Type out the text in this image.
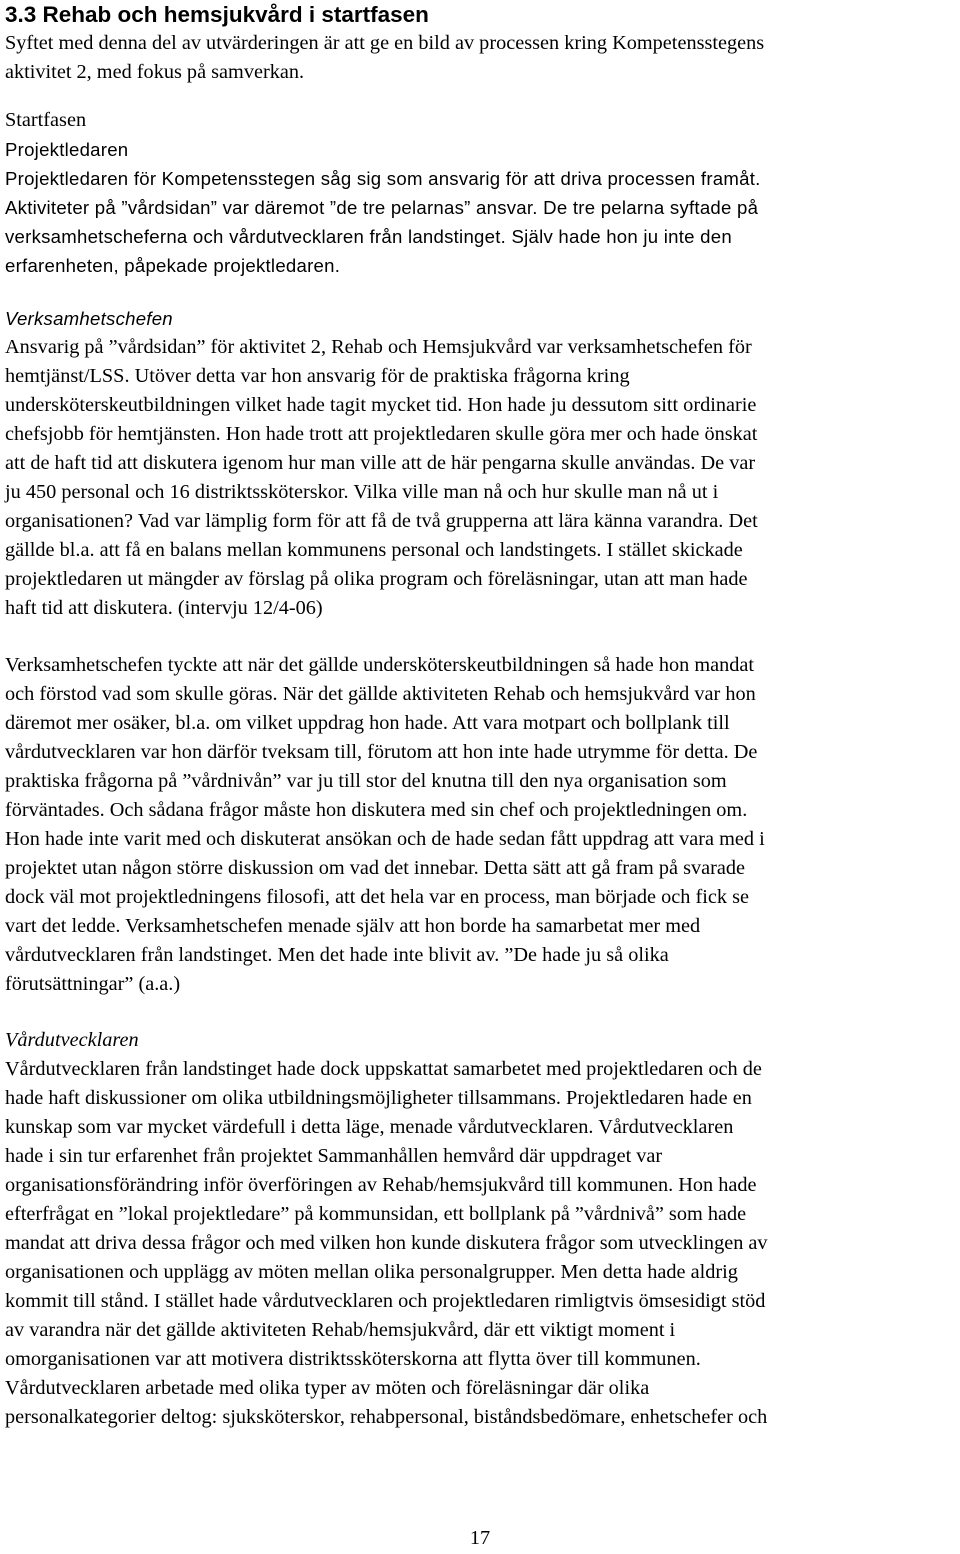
3.3 Rehab och hemsjukvård i startfasen

Syftet med denna del av utvärderingen är att ge en bild av processen kring Kompetensstegens
aktivitet 2, med fokus på samverkan.

Startfasen
Projektledaren

Projektledaren för Kompetensstegen såg sig som ansvarig för att driva processen framåt.
Aktiviteter på ”vårdsidan” var däremot ”de tre pelarnas” ansvar. De tre pelarna syftade på
verksamhetscheferna och vårdutvecklaren från landstinget. Själv hade hon ju inte den
erfarenheten, påpekade projektledaren.

Verksamhetschefen

Ansvarig på ”vårdsidan” för aktivitet 2, Rehab och Hemsjukvård var verksamhetschefen för
hemtjänst/LSS. Utöver detta var hon ansvarig för de praktiska frågorna kring
undersköterskeutbildningen vilket hade tagit mycket tid. Hon hade ju dessutom sitt ordinarie
chefsjobb för hemtjänsten. Hon hade trott att projektledaren skulle göra mer och hade önskat
att de haft tid att diskutera igenom hur man ville att de här pengarna skulle användas. De var
ju 450 personal och 16 distriktssköterskor. Vilka ville man nå och hur skulle man nå ut i
organisationen? Vad var lämplig form för att få de två grupperna att lära känna varandra. Det
gällde bl.a. att få en balans mellan kommunens personal och landstingets. I stället skickade
projektledaren ut mängder av förslag på olika program och föreläsningar, utan att man hade
haft tid att diskutera. (intervju 12/4-06)

Verksamhetschefen tyckte att när det gällde undersköterskeutbildningen så hade hon mandat
och förstod vad som skulle göras. När det gällde aktiviteten Rehab och hemsjukvård var hon
däremot mer osäker, bl.a. om vilket uppdrag hon hade. Att vara motpart och bollplank till
vårdutvecklaren var hon därför tveksam till, förutom att hon inte hade utrymme för detta. De
praktiska frågorna på ”vårdnivån” var ju till stor del knutna till den nya organisation som
förväntades. Och sådana frågor måste hon diskutera med sin chef och projektledningen om.
Hon hade inte varit med och diskuterat ansökan och de hade sedan fått uppdrag att vara med i
projektet utan någon större diskussion om vad det innebar. Detta sätt att gå fram på svarade
dock väl mot projektledningens filosofi, att det hela var en process, man började och fick se
vart det ledde. Verksamhetschefen menade själv att hon borde ha samarbetat mer med
vårdutvecklaren från landstinget. Men det hade inte blivit av. ”De hade ju så olika
förutsättningar” (a.a.)

Vårdutvecklaren

Vårdutvecklaren från landstinget hade dock uppskattat samarbetet med projektledaren och de
hade haft diskussioner om olika utbildningsmöjligheter tillsammans. Projektledaren hade en
kunskap som var mycket värdefull i detta läge, menade vårdutvecklaren. Vårdutvecklaren
hade i sin tur erfarenhet från projektet Sammanhållen hemvård där uppdraget var
organisationsförändring inför överföringen av Rehab/hemsjukvård till kommunen. Hon hade
efterfrågat en ”lokal projektledare” på kommunsidan, ett bollplank på ”vårdnivå” som hade
mandat att driva dessa frågor och med vilken hon kunde diskutera frågor som utvecklingen av
organisationen och upplägg av möten mellan olika personalgrupper. Men detta hade aldrig
kommit till stånd. I stället hade vårdutvecklaren och projektledaren rimligtvis ömsesidigt stöd
av varandra när det gällde aktiviteten Rehab/hemsjukvård, där ett viktigt moment i
omorganisationen var att motivera distriktssköterskorna att flytta över till kommunen.
Vårdutvecklaren arbetade med olika typer av möten och föreläsningar där olika
personalkategorier deltog: sjuksköterskor, rehabpersonal, biståndsbedömare, enhetschefer och

17
